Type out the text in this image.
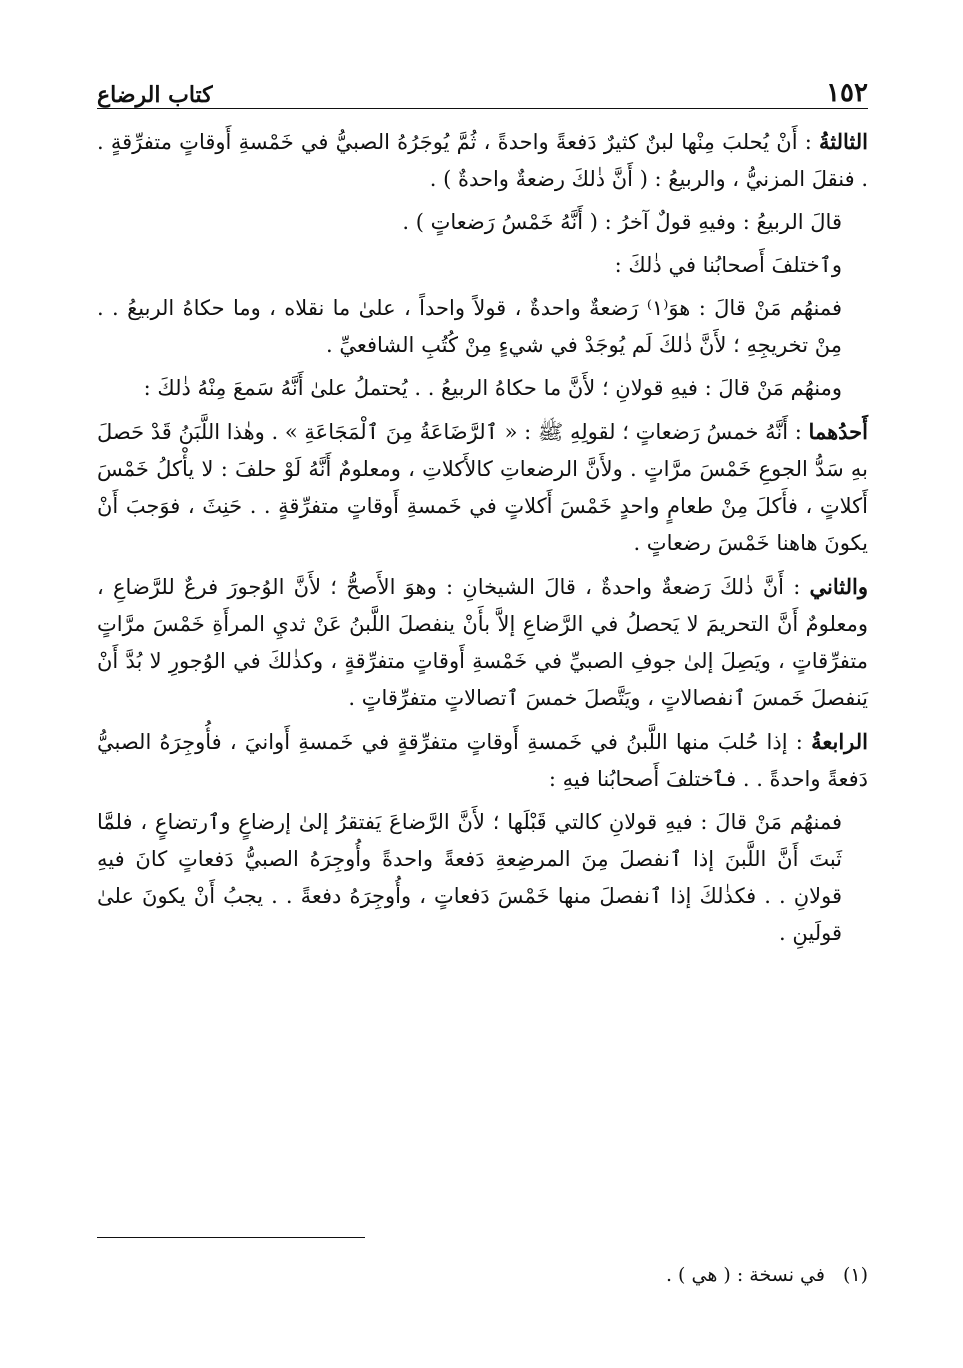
١٥٢
كتاب الرضاع

الثالثةُ : أَنْ يُحلبَ مِنْها لبنٌ كثيرٌ دَفعةً واحدةً ، ثُمَّ يُوجَرُهُ الصبيُّ في خَمْسةِ أَوقاتٍ متفرِّقةٍ . . فنقلَ المزنيُّ ، والربيعُ : ( أَنَّ ذٰلكَ رضعةٌ واحدةٌ ) .

قالَ الربيعُ : وفيهِ قولٌ آخرُ : ( أَنَّهُ خَمْسُ رَضعاتٍ ) .

وٱختلفَ أَصحابُنا في ذٰلكَ :

فمنهُم مَنْ قالَ : هوَ⁽١⁾ رَضعةٌ واحدةٌ ، قولاً واحداً ، علىٰ ما نقلاه ، وما حكاهُ الربيعُ . . مِنْ تخريجِهِ ؛ لأَنَّ ذٰلكَ لَم يُوجَدْ في شيءٍ مِنْ كُتُبِ الشافعيِّ .

ومنهُم مَنْ قالَ : فيهِ قولانِ ؛ لأَنَّ ما حكاهُ الربيعُ . . يُحتملُ علىٰ أَنَّهُ سَمعَ مِنْهُ ذٰلكَ :

أَحدُهما : أَنَّهُ خمسُ رَضعاتٍ ؛ لقولِهِ ﷺ : « ٱلرَّضَاعَةُ مِنَ ٱلْمَجَاعَةِ » . وهٰذا اللَّبَنُ قَدْ حَصلَ بهِ سَدُّ الجوعِ خَمْسَ مرَّاتٍ . ولأَنَّ الرضعاتِ كالأَكلاتِ ، ومعلومٌ أَنَّهُ لَوْ حلفَ : لا يأْكلُ خَمْسَ أَكلاتٍ ، فأَكلَ مِنْ طعامٍ واحدٍ خَمْسَ أَكلاتٍ في خَمسةِ أَوقاتٍ متفرِّقةٍ . . حَنِثَ ، فوَجبَ أَنْ يكونَ هاهنا خَمْسَ رضعاتٍ .

والثاني : أَنَّ ذٰلكَ رَضعةٌ واحدةٌ ، قالَ الشيخانِ : وهوَ الأَصحُّ ؛ لأَنَّ الوُجورَ فرعٌ للرَّضاعِ ، ومعلومٌ أَنَّ التحريمَ لا يَحصلُ في الرَّضاعِ إلاَّ بأَنْ ينفصلَ اللَّبنُ عَنْ ثديِ المرأَةِ خَمْسَ مرَّاتٍ متفرِّقاتٍ ، ويَصِلَ إلىٰ جوفِ الصبيِّ في خَمْسةِ أَوقاتٍ متفرِّقةٍ ، وكذٰلكَ في الوُجورِ لا بُدَّ أَنْ يَنفصلَ خَمسَ ٱنفصالاتٍ ، ويَتَّصلَ خمسَ ٱتصالاتٍ متفرِّقاتٍ .

الرابعةُ : إذا حُلبَ منها اللَّبنُ في خَمسةِ أَوقاتٍ متفرِّقةٍ في خَمسةِ أَوانيَ ، فأُوجِرَهُ الصبيُّ دَفعةً واحدةً . . فٱختلفَ أَصحابُنا فيهِ :

فمنهُم مَنْ قالَ : فيهِ قولانِ كالتي قَبْلَها ؛ لأَنَّ الرَّضاعَ يَفتقرُ إلىٰ إرضاعٍ وٱرتضاعٍ ، فلمَّا ثَبتَ أَنَّ اللَّبنَ إذا ٱنفصلَ مِنَ المرضِعةِ دَفعةً واحدةً وأُوجِرَهُ الصبيُّ دَفعاتٍ كانَ فيهِ قولانِ . . فكذٰلكَ إذا ٱنفصلَ منها خَمْسَ دَفعاتٍ ، وأُوجِرَهُ دفعةً . . يجبُ أَنْ يكونَ علىٰ قولَينِ .

(١)في نسخة : ( هي ) .
